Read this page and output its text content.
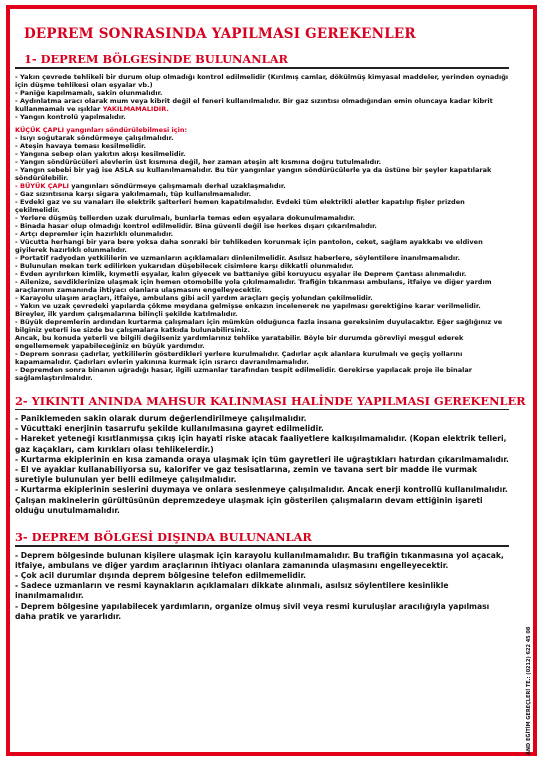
DEPREM SONRASINDA YAPILMASI GEREKENLER
1- DEPREM BÖLGESİNDE BULUNANLAR

- Yakın çevrede tehlikeli bir durum olup olmadığı kontrol edilmelidir (Kırılmış camlar, dökülmüş kimyasal maddeler, yerinden oynadığı için düşme tehlikesi olan eşyalar vb.)

- Paniğe kapılmamalı, sakin olunmalıdır.

- Aydınlatma aracı olarak mum veya kibrit değil el feneri kullanılmalıdır. Bir gaz sızıntısı olmadığından emin oluncaya kadar kibrit kullanmamalı ve ışıklar YAKILMAMALIDIR.

- Yangın kontrolü yapılmalıdır.

KÜÇÜK ÇAPLI yangınları söndürülebilmesi için:

- Isıyı soğutarak söndürmeye çalışılmalıdır.

- Ateşin havaya teması kesilmelidir.

- Yangına sebep olan yakıtın akışı kesilmelidir.

- Yangın söndürücüleri alevlerin üst kısmına değil, her zaman ateşin alt kısmına doğru tutulmalıdır.

- Yangın sebebi bir yağ ise ASLA su kullanılmamalıdır. Bu tür yangınlar yangın söndürücülerle ya da üstüne bir şeyler kapatılarak söndürülebilir.

- BÜYÜK ÇAPLI yangınları söndürmeye çalışmamalı derhal uzaklaşmalıdır.

- Gaz sızıntısına karşı sigara yakılmamalı, tüp kullanılmamalıdır.

- Evdeki gaz ve su vanaları ile elektrik şalterleri hemen kapatılmalıdır. Evdeki tüm elektrikli aletler kapatılıp fişler prizden çekilmelidir.

- Yerlere düşmüş tellerden uzak durulmalı, bunlarla temas eden eşyalara dokunulmamalıdır.

- Binada hasar olup olmadığı kontrol edilmelidir. Bina güvenli değil ise herkes dışarı çıkarılmalıdır.

- Artçı depremler için hazırlıklı olunmalıdır.

- Vücutta herhangi bir yara bere yoksa daha sonraki bir tehlikeden korunmak için pantolon, ceket, sağlam ayakkabı ve eldiven giyilerek hazırlıklı olunmalıdır.

- Portatif radyodan yetkililerin ve uzmanların açıklamaları dinlenilmelidir. Asılsız haberlere, söylentilere inanılmamalıdır.

- Bulunulan mekan terk edilirken yukarıdan düşebilecek cisimlere karşı dikkatli olunmalıdır.

- Evden ayrılırken kimlik, kıymetli eşyalar, kalın giyecek ve battaniye gibi koruyucu eşyalar ile Deprem Çantası alınmalıdır.

- Ailenize, sevdiklerinize ulaşmak için hemen otomobille yola çıkılmamalıdır. Trafiğin tıkanması ambulans, itfaiye ve diğer yardım araçlarının zamanında ihtiyacı olanlara ulaşmasını engelleyecektir.

- Karayolu ulaşım araçları, itfaiye, ambulans gibi acil yardım araçları geçiş yolundan çekilmelidir.

- Yakın ve uzak çevredeki yapılarda çökme meydana gelmişse enkazın incelenerek ne yapılması gerektiğine karar verilmelidir. Bireyler, ilk yardım çalışmalarına bilinçli şekilde katılmalıdır.

- Büyük depremlerin ardından kurtarma çalışmaları için mümkün olduğunca fazla insana gereksinim duyulacaktır. Eğer sağlığınız ve bilginiz yeterli ise sizde bu çalışmalara katkıda bulunabilirsiniz.

Ancak, bu konuda yeterli ve bilgili değilseniz yardımlarınız tehlike yaratabilir. Böyle bir durumda görevliyi meşgul ederek engellememek yapabileceğiniz en büyük yardımdır.

- Deprem sonrası çadırlar, yetkililerin gösterdikleri yerlere kurulmalıdır. Çadırlar açık alanlara kurulmalı ve geçiş yollarını kapamamalıdır. Çadırları evlerin yakınına kurmak için ısrarcı davranılmamalıdır.

- Depremden sonra binanın uğradığı hasar, ilgili uzmanlar tarafından tespit edilmelidir. Gerekirse yapılacak proje ile binalar sağlamlaştırılmalıdır.

2- YIKINTI ANINDA MAHSUR KALINMASI HALİNDE YAPILMASI GEREKENLER

- Paniklemeden sakin olarak durum değerlendirilmeye çalışılmalıdır.

- Vücuttaki enerjinin tasarrufu şekilde kullanılmasına gayret edilmelidir.

- Hareket yeteneği kısıtlanmışsa çıkış için hayati riske atacak faaliyetlere kalkışılmamalıdır. (Kopan elektrik telleri, gaz kaçakları, cam kırıkları olası tehlikelerdir.)

- Kurtarma ekiplerinin en kısa zamanda oraya ulaşmak için tüm gayretleri ile uğraştıkları hatırdan çıkarılmamalıdır.

- El ve ayaklar kullanabiliyorsa su, kalorifer ve gaz tesisatlarına, zemin ve tavana sert bir madde ile vurmak suretiyle bulunulan yer belli edilmeye çalışılmalıdır.

- Kurtarma ekiplerinin seslerini duymaya ve onlara seslenmeye çalışılmalıdır. Ancak enerji kontrollü kullanılmalıdır.

Çalışan makinelerin gürültüsünün depremzedeye ulaşmak için gösterilen çalışmaların devam ettiğinin işareti olduğu unutulmamalıdır.

3- DEPREM BÖLGESİ DIŞINDA BULUNANLAR

- Deprem bölgesinde bulunan kişilere ulaşmak için karayolu kullanılmamalıdır. Bu trafiğin tıkanmasına yol açacak, itfaiye, ambulans ve diğer yardım araçlarının ihtiyacı olanlara zamanında ulaşmasını engelleyecektir.

- Çok acil durumlar dışında deprem bölgesine telefon edilmemelidir.

- Sadece uzmanların ve resmi kaynakların açıklamaları dikkate alınmalı, asılsız söylentilere kesinlikle inanılmamalıdır.

- Deprem bölgesine yapılabilecek yardımların, organize olmuş sivil veya resmi kuruluşlar aracılığıyla yapılması daha pratik ve yararlıdır.

AND EĞİTİM GEREÇLERİ TE.: (0212) 622 45 08
